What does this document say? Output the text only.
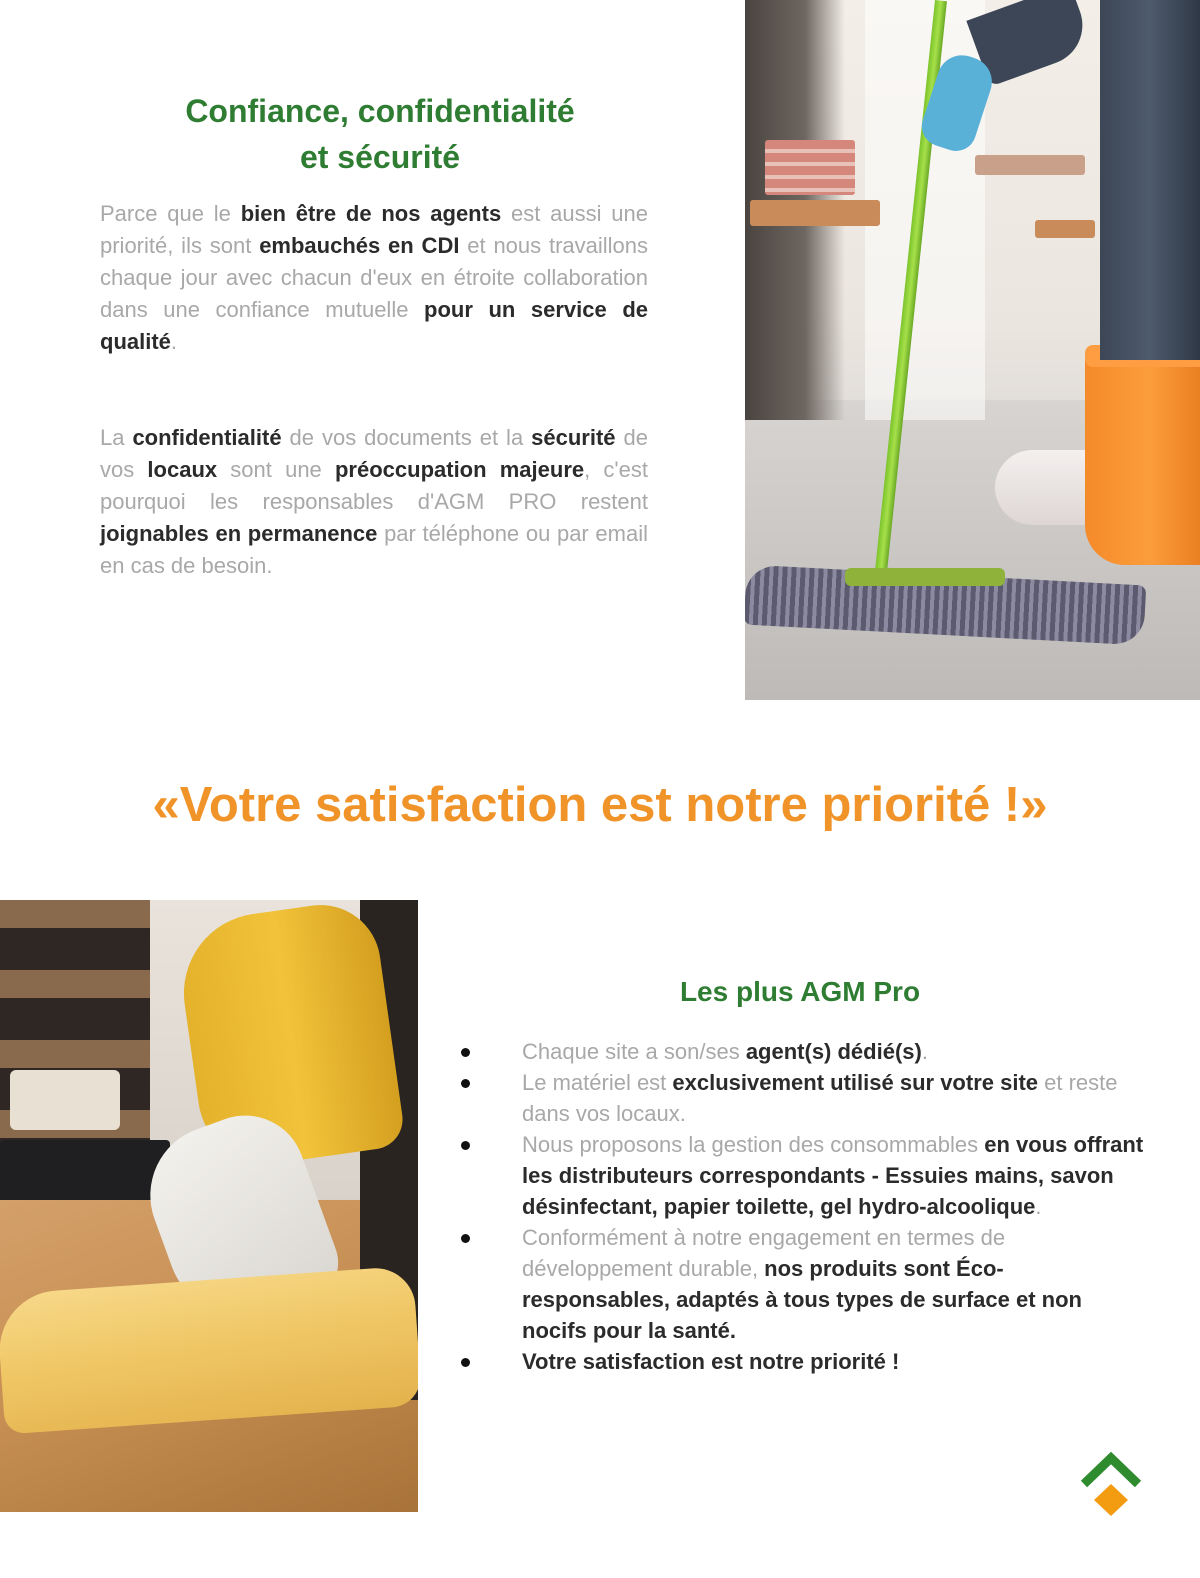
Confiance, confidentialité
et sécurité

Parce que le bien être de nos agents est aussi une priorité, ils sont embauchés en CDI et nous travaillons chaque jour avec chacun d'eux en étroite collaboration dans une confiance mutuelle pour un service de qualité.

La confidentialité de vos documents et la sécurité de vos locaux sont une préoccupation majeure, c'est pourquoi les responsables d'AGM PRO restent joignables en permanence par téléphone ou par email en cas de besoin.

«Votre satisfaction est notre priorité !»
Les plus AGM Pro
Chaque site a son/ses agent(s) dédié(s).
Le matériel est exclusivement utilisé sur votre site et reste dans vos locaux.
Nous proposons la gestion des consommables en vous offrant les distributeurs correspondants - Essuies mains, savon désinfectant, papier toilette, gel hydro-alcoolique.
Conformément à notre engagement en termes de développement durable, nos produits sont Éco-responsables, adaptés à tous types de surface et non nocifs pour la santé.
Votre satisfaction est notre priorité !
